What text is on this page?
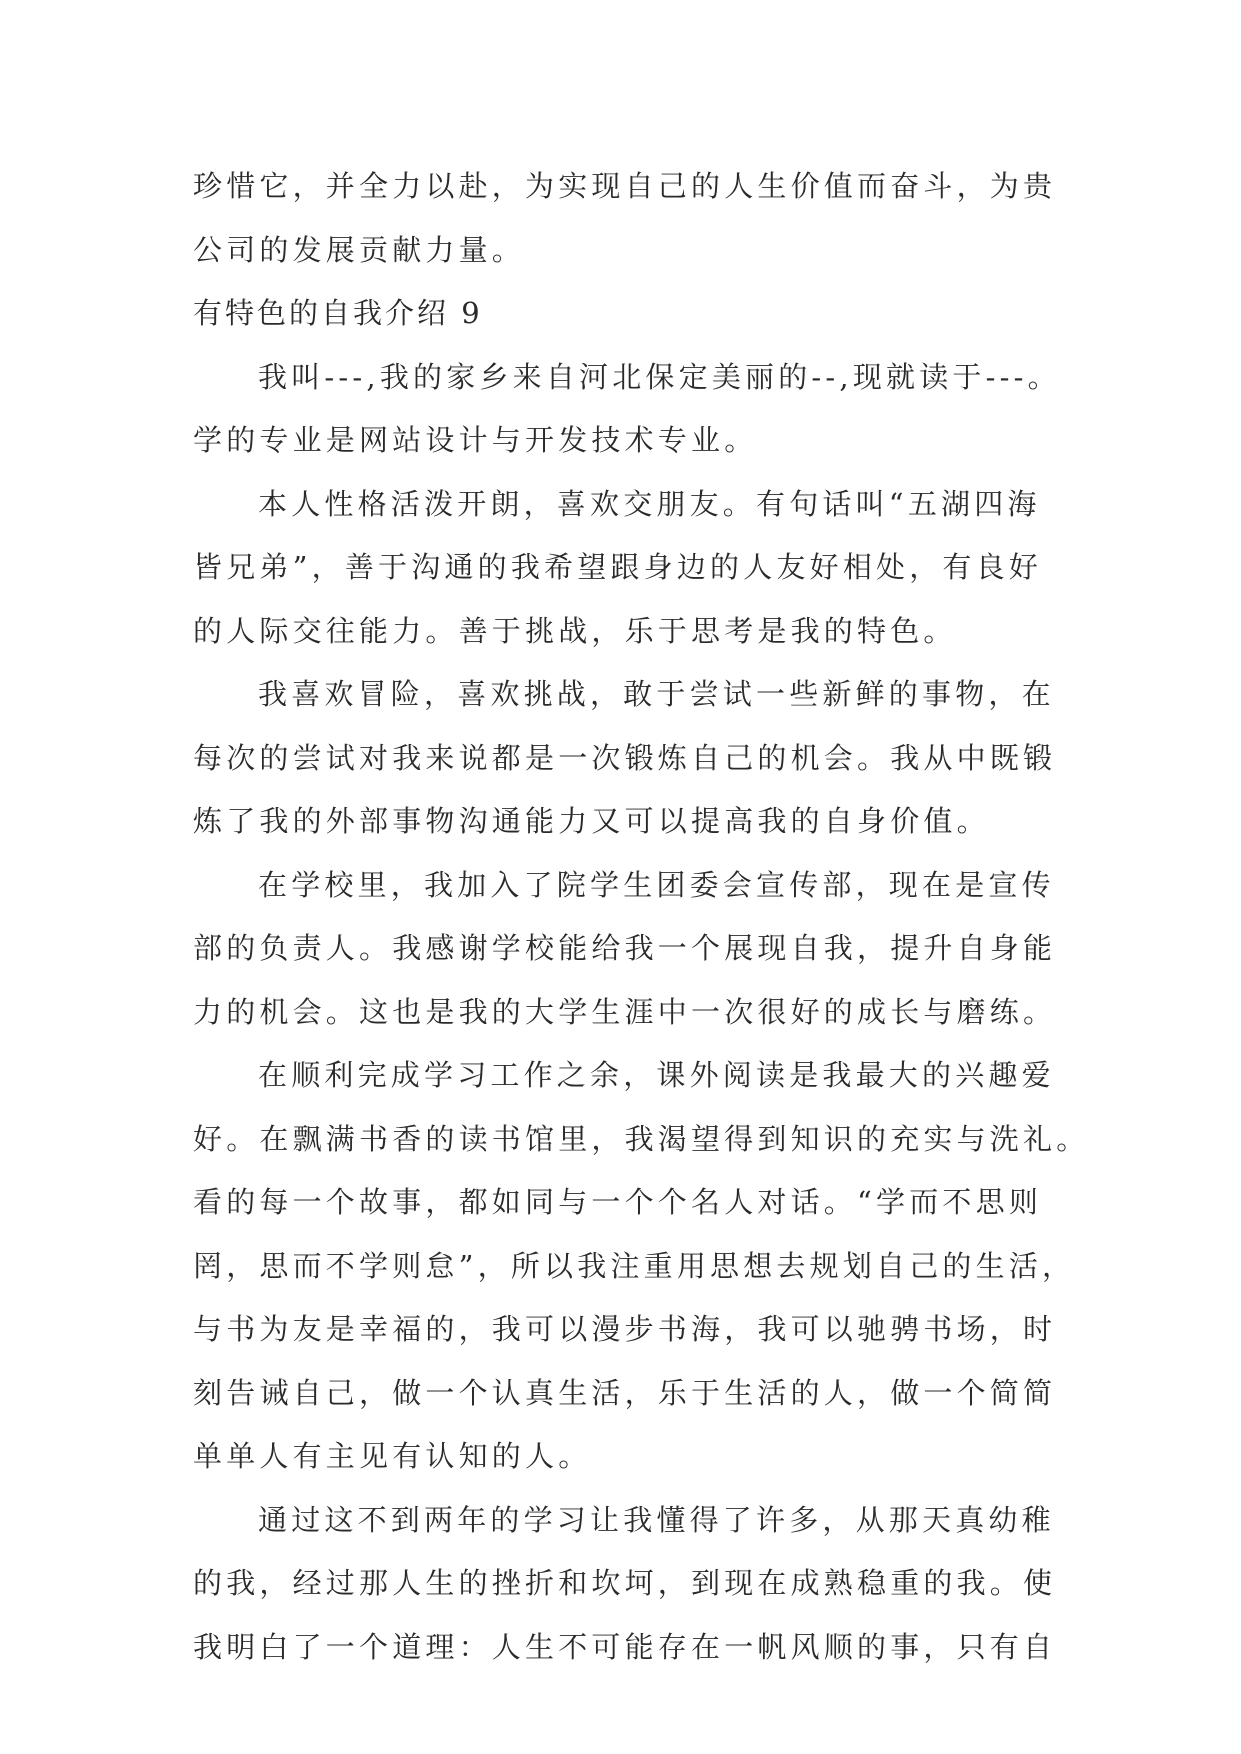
珍惜它，并全力以赴，为实现自己的人生价值而奋斗，为贵
公司的发展贡献力量。
有特色的自我介绍 9
我叫---,我的家乡来自河北保定美丽的--,现就读于---。
学的专业是网站设计与开发技术专业。
本人性格活泼开朗，喜欢交朋友。有句话叫“五湖四海
皆兄弟”，善于沟通的我希望跟身边的人友好相处，有良好
的人际交往能力。善于挑战，乐于思考是我的特色。
我喜欢冒险，喜欢挑战，敢于尝试一些新鲜的事物，在
每次的尝试对我来说都是一次锻炼自己的机会。我从中既锻
炼了我的外部事物沟通能力又可以提高我的自身价值。
在学校里，我加入了院学生团委会宣传部，现在是宣传
部的负责人。我感谢学校能给我一个展现自我，提升自身能
力的机会。这也是我的大学生涯中一次很好的成长与磨练。
在顺利完成学习工作之余，课外阅读是我最大的兴趣爱
好。在飘满书香的读书馆里，我渴望得到知识的充实与洗礼。
看的每一个故事，都如同与一个个名人对话。“学而不思则
罔，思而不学则怠”，所以我注重用思想去规划自己的生活，
与书为友是幸福的，我可以漫步书海，我可以驰骋书场，时
刻告诫自己，做一个认真生活，乐于生活的人，做一个简简
单单人有主见有认知的人。
通过这不到两年的学习让我懂得了许多，从那天真幼稚
的我，经过那人生的挫折和坎坷，到现在成熟稳重的我。使
我明白了一个道理：人生不可能存在一帆风顺的事，只有自
